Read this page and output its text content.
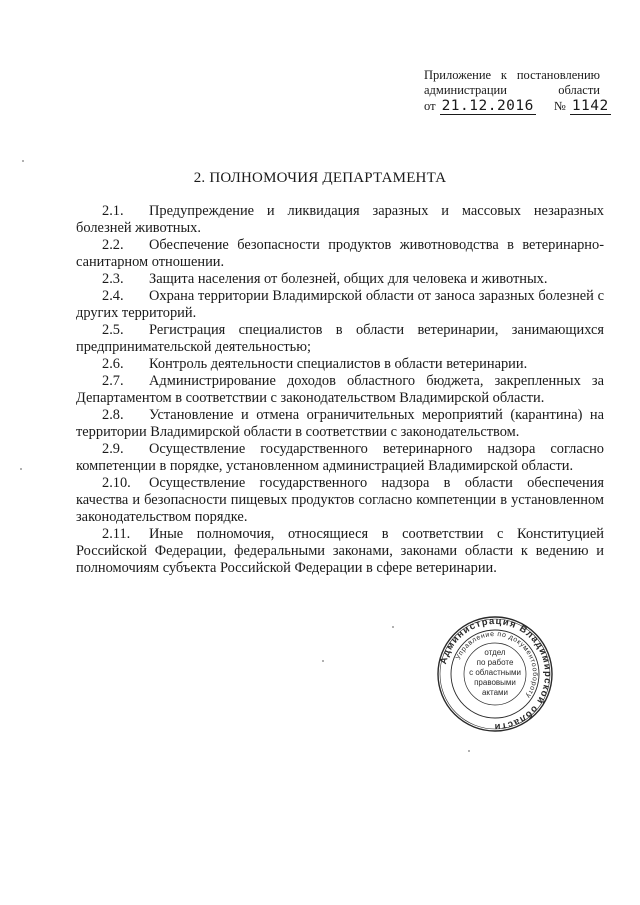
Приложение к постановлению
администрации	области
от 21.12.2016 № 1142
2. ПОЛНОМОЧИЯ ДЕПАРТАМЕНТА
2.1. Предупреждение и ликвидация заразных и массовых незаразных болезней животных.
2.2. Обеспечение безопасности продуктов животноводства в ветеринарно-санитарном отношении.
2.3. Защита населения от болезней, общих для человека и животных.
2.4. Охрана территории Владимирской области от заноса заразных болезней с других территорий.
2.5. Регистрация специалистов в области ветеринарии, занимающихся предпринимательской деятельностью;
2.6. Контроль деятельности специалистов в области ветеринарии.
2.7. Администрирование доходов областного бюджета, закрепленных за Департаментом в соответствии с законодательством Владимирской области.
2.8. Установление и отмена ограничительных мероприятий (карантина) на территории Владимирской области в соответствии с законодательством.
2.9. Осуществление государственного ветеринарного надзора согласно компетенции в порядке, установленном администрацией Владимирской области.
2.10. Осуществление государственного надзора в области обеспечения качества и безопасности пищевых продуктов согласно компетенции в установленном законодательством порядке.
2.11. Иные полномочия, относящиеся в соответствии с Конституцией Российской Федерации, федеральными законами, законами области к ведению и полномочиям субъекта Российской Федерации в сфере ветеринарии.
Администрация Владимирской области
Управление по документообороту
отдел
по работе
с областными
правовыми
актами
